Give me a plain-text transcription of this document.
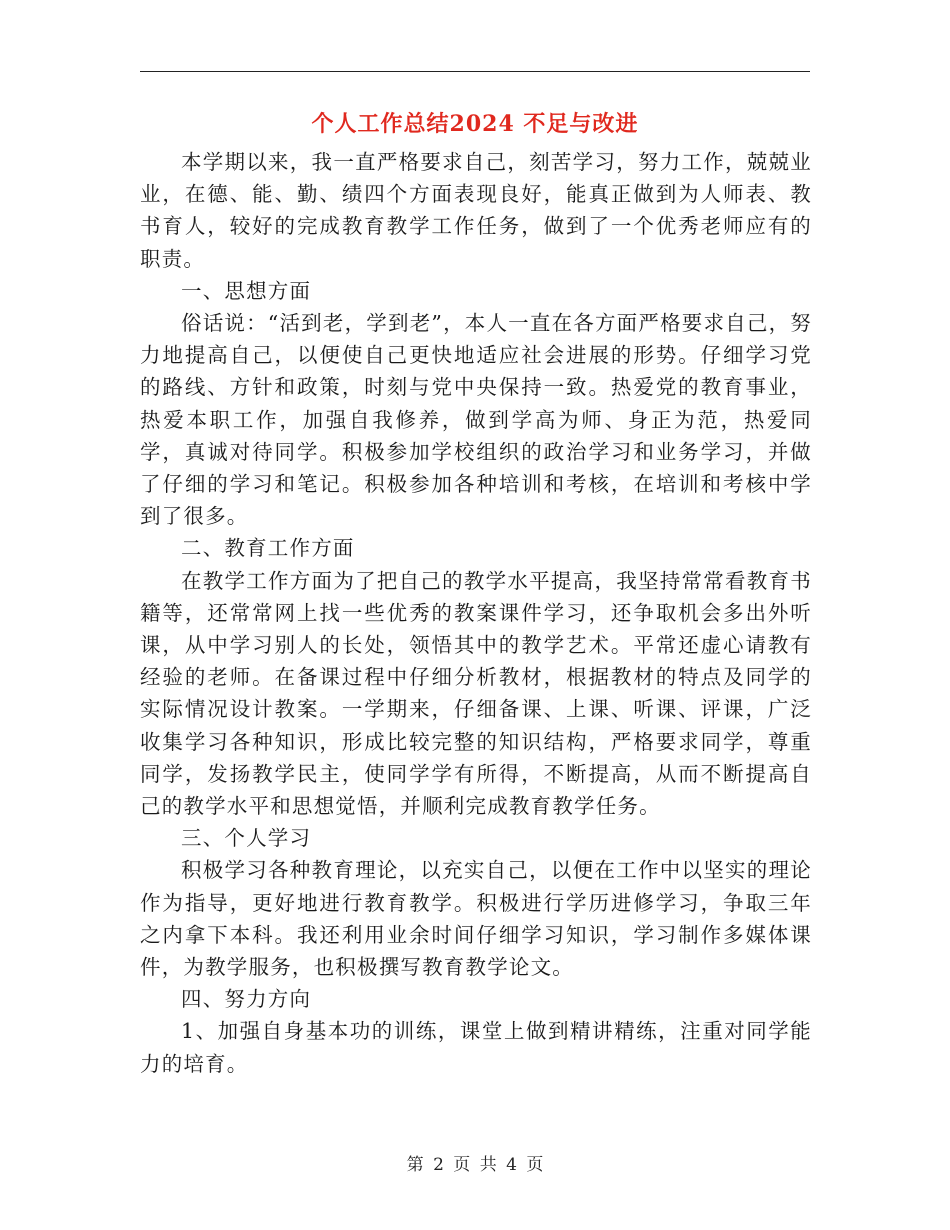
个人工作总结2024 不足与改进

本学期以来，我一直严格要求自己，刻苦学习，努力工作，兢兢业业，在德、能、勤、绩四个方面表现良好，能真正做到为人师表、教书育人，较好的完成教育教学工作任务，做到了一个优秀老师应有的职责。

一、思想方面

俗话说：“活到老，学到老”，本人一直在各方面严格要求自己，努力地提高自己，以便使自己更快地适应社会进展的形势。仔细学习党的路线、方针和政策，时刻与党中央保持一致。热爱党的教育事业，热爱本职工作，加强自我修养，做到学高为师、身正为范，热爱同学，真诚对待同学。积极参加学校组织的政治学习和业务学习，并做了仔细的学习和笔记。积极参加各种培训和考核，在培训和考核中学到了很多。

二、教育工作方面

在教学工作方面为了把自己的教学水平提高，我坚持常常看教育书籍等，还常常网上找一些优秀的教案课件学习，还争取机会多出外听课，从中学习别人的长处，领悟其中的教学艺术。平常还虚心请教有经验的老师。在备课过程中仔细分析教材，根据教材的特点及同学的实际情况设计教案。一学期来，仔细备课、上课、听课、评课，广泛收集学习各种知识，形成比较完整的知识结构，严格要求同学，尊重同学，发扬教学民主，使同学学有所得，不断提高，从而不断提高自己的教学水平和思想觉悟，并顺利完成教育教学任务。

三、个人学习

积极学习各种教育理论，以充实自己，以便在工作中以坚实的理论作为指导，更好地进行教育教学。积极进行学历进修学习，争取三年之内拿下本科。我还利用业余时间仔细学习知识，学习制作多媒体课件，为教学服务，也积极撰写教育教学论文。

四、努力方向

1、加强自身基本功的训练，课堂上做到精讲精练，注重对同学能力的培育。

第 2 页 共 4 页
